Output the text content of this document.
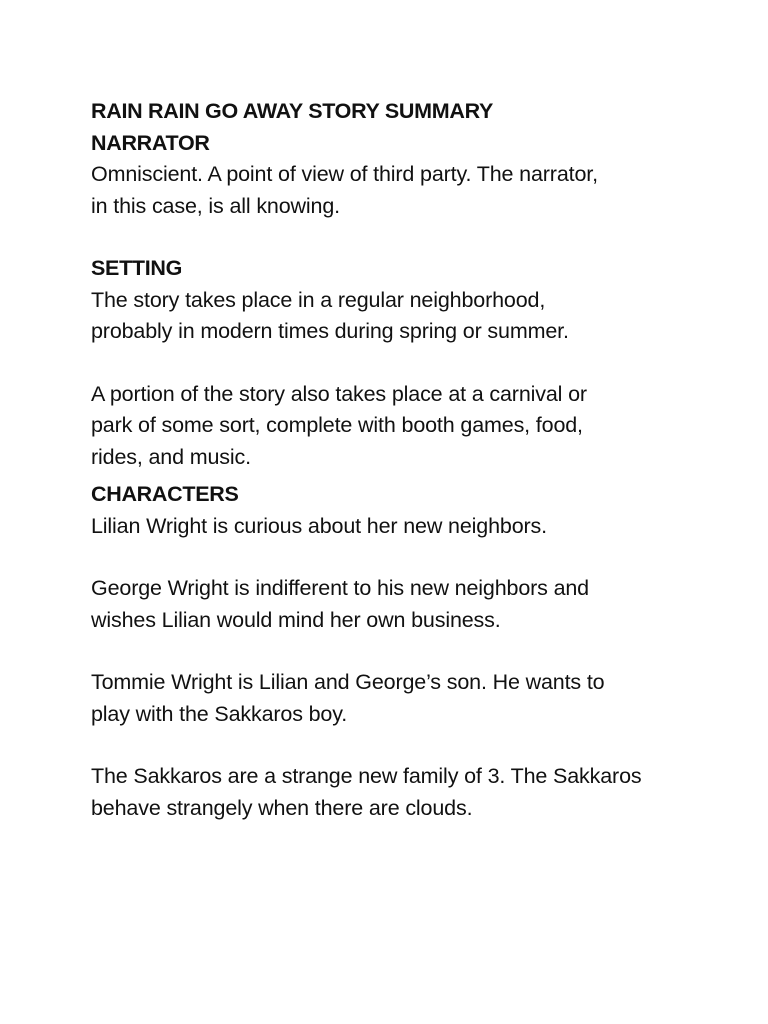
RAIN RAIN GO AWAY STORY SUMMARY
NARRATOR
Omniscient. A point of view of third party. The narrator,
in this case, is all knowing.
SETTING
The story takes place in a regular neighborhood,
probably in modern times during spring or summer.
A portion of the story also takes place at a carnival or
park of some sort, complete with booth games, food,
rides, and music.
CHARACTERS
Lilian Wright is curious about her new neighbors.
George Wright is indifferent to his new neighbors and
wishes Lilian would mind her own business.
Tommie Wright is Lilian and George’s son. He wants to
play with the Sakkaros boy.
The Sakkaros are a strange new family of 3. The Sakkaros
behave strangely when there are clouds.
